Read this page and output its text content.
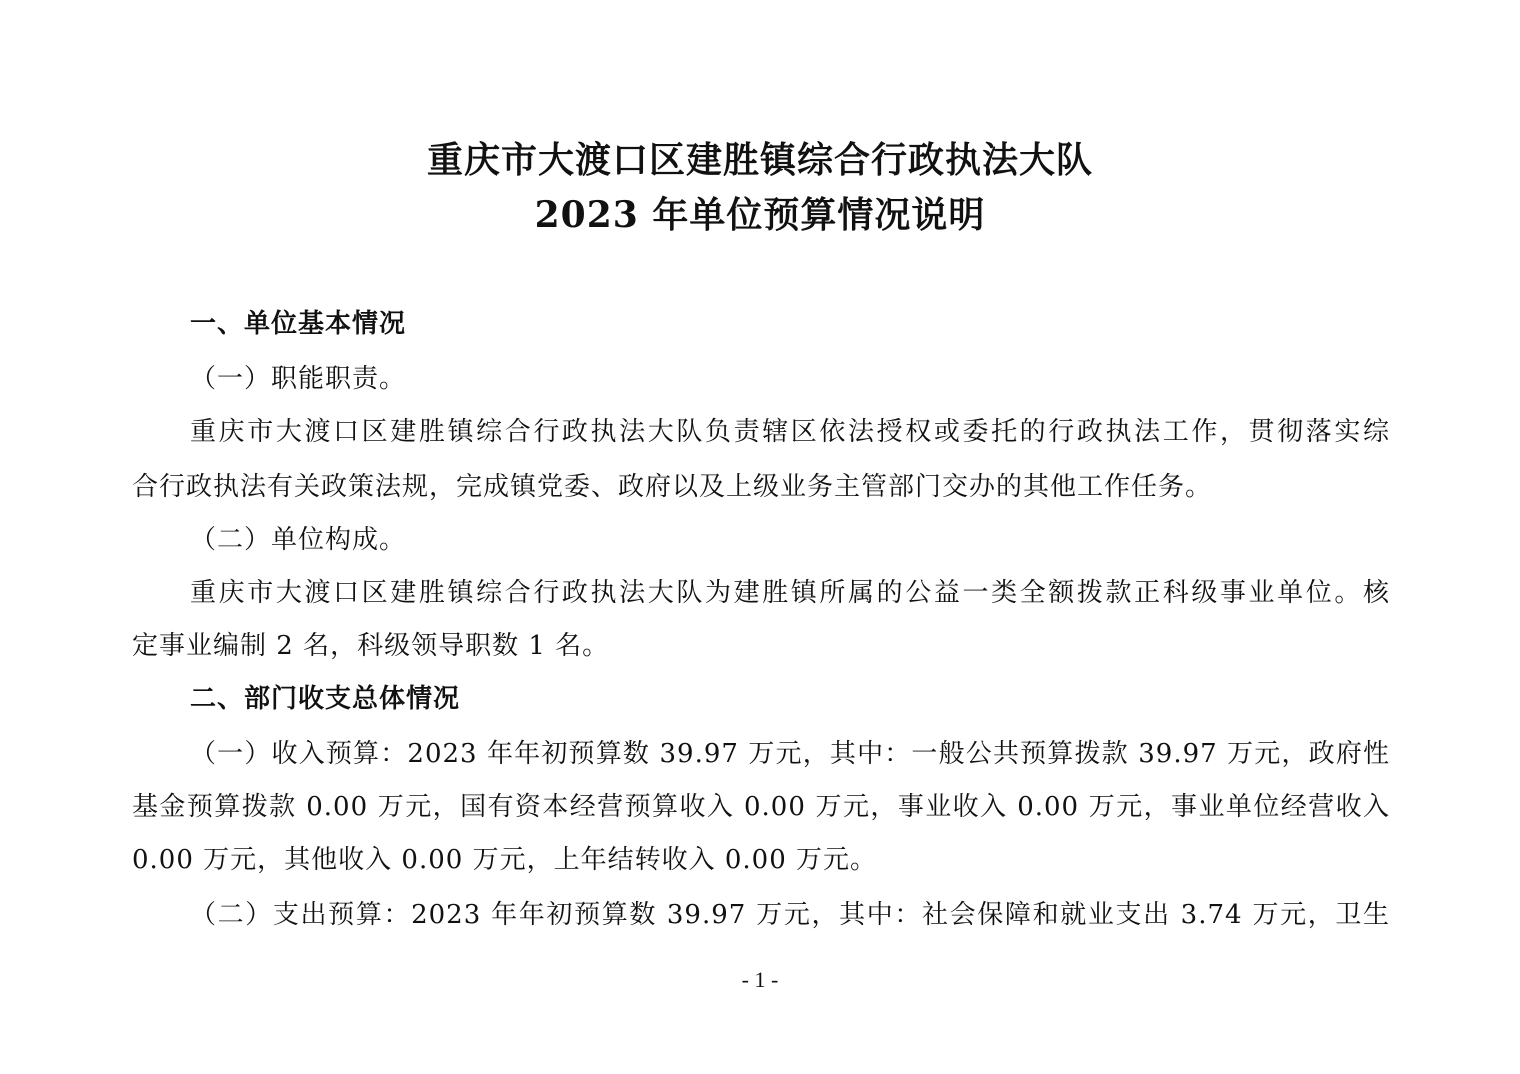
重庆市大渡口区建胜镇综合行政执法大队
2023 年单位预算情况说明
一、单位基本情况
（一）职能职责。
重庆市大渡口区建胜镇综合行政执法大队负责辖区依法授权或委托的行政执法工作，贯彻落实综
合行政执法有关政策法规，完成镇党委、政府以及上级业务主管部门交办的其他工作任务。
（二）单位构成。
重庆市大渡口区建胜镇综合行政执法大队为建胜镇所属的公益一类全额拨款正科级事业单位。核
定事业编制 2 名，科级领导职数 1 名。
二、部门收支总体情况
（一）收入预算：2023 年年初预算数 39.97 万元，其中：一般公共预算拨款 39.97 万元，政府性
基金预算拨款 0.00 万元，国有资本经营预算收入 0.00 万元，事业收入 0.00 万元，事业单位经营收入
0.00 万元，其他收入 0.00 万元，上年结转收入 0.00 万元。
（二）支出预算：2023 年年初预算数 39.97 万元，其中：社会保障和就业支出 3.74 万元，卫生
- 1 -
